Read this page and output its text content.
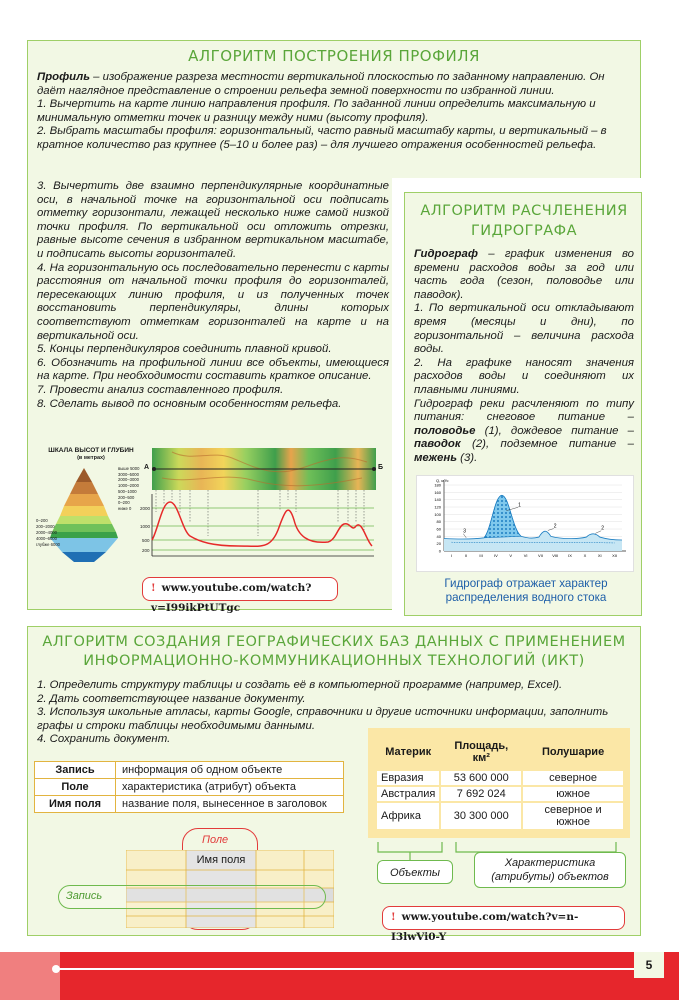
АЛГОРИТМ ПОСТРОЕНИЯ ПРОФИЛЯ

Профиль – изображение разреза местности вертикальной плоскостью по заданному направлению. Он даёт наглядное представление о строении рельефа земной поверхности по избранной линии.

1. Вычертить на карте линию направления профиля. По заданной линии определить максимальную и минимальную отметки точек и разницу между ними (высоту профиля).

2. Выбрать масштабы профиля: горизонтальный, часто равный масштабу карты, и вертикальный – в кратное количество раз крупнее (5–10 и более раз) – для лучшего отражения особенностей рельефа.

3. Вычертить две взаимно перпендикулярные координатные оси, в начальной точке на горизонтальной оси подписать отметку горизонтали, лежащей несколько ниже самой низкой точки профиля. По вертикальной оси отложить отрезки, равные высоте сечения в избранном вертикальном масштабе, и подписать высоты горизонталей.

4. На горизонтальную ось последовательно перенести с карты расстояния от начальной точки профиля до горизонталей, пересекающих линию профиля, и из полученных точек восстановить перпендикуляры, длины которых соответствуют отметкам горизонталей на карте и на вертикальной оси.

5. Концы перпендикуляров соединить плавной кривой.

6. Обозначить на профильной линии все объекты, имеющиеся на карте. При необходимости составить краткое описание.

7. Провести анализ составленного профиля.

8. Сделать вывод по основным особенностям рельефа.

ШКАЛА ВЫСОТ И ГЛУБИН
(в метрах)
выше 5000
3000–5000
2000–3000
1000–2000
500–1000
200–500
0–200
ниже 0
0–200
200–2000
2000–4000
4000–6000
глубже 6000
А	Б
2000
1000
500
200
! www.youtube.com/watch?v=I99ikPtUTgc
АЛГОРИТМ РАСЧЛЕНЕНИЯ ГИДРОГРАФА

Гидрограф – график изменения во времени расходов воды за год или часть года (сезон, половодье или паводок).

1. По вертикальной оси откладывают время (месяцы и дни), по горизонтальной – величина расхода воды.

2. На графике наносят значения расходов воды и соединяют их плавными линиями.

Гидрограф реки расчленяют по типу питания: снеговое питание – половодье (1), дождевое питание – паводок (2), подземное питание – межень (3).

180
160
140
120
100
80
60
40
20
0
Q, м³/с
I	II	III	IV	V	VI	VII VIII IX	X	XI	XII
1
2	2
3
Гидрограф отражает характер распределения водного стока
АЛГОРИТМ СОЗДАНИЯ ГЕОГРАФИЧЕСКИХ БАЗ ДАННЫХ С ПРИМЕНЕНИЕМ
ИНФОРМАЦИОННО-КОММУНИКАЦИОННЫХ ТЕХНОЛОГИЙ (ИКТ)

1. Определить структуру таблицы и создать её в компьютерной программе (например, Excel).

2. Дать соответствующее название документу.

3. Используя школьные атласы, карты Google, справочники и другие источники информации, заполнить графы и строки таблицы необходимыми данными.

4. Сохранить документ.

Запись	информация об одном объекте
Поле	характеристика (атрибут) объекта
Имя поля	название поля, вынесенное в заголовок
Поле
Имя поля
Запись
Материк	Площадь, км²	Полушарие
Евразия	53 600 000	северное
Австралия	7 692 024	южное
Африка	30 300 000	северное и южное
Объекты
Характеристика (атрибуты) объектов
! www.youtube.com/watch?v=n-I3lwVi0-Y
5
